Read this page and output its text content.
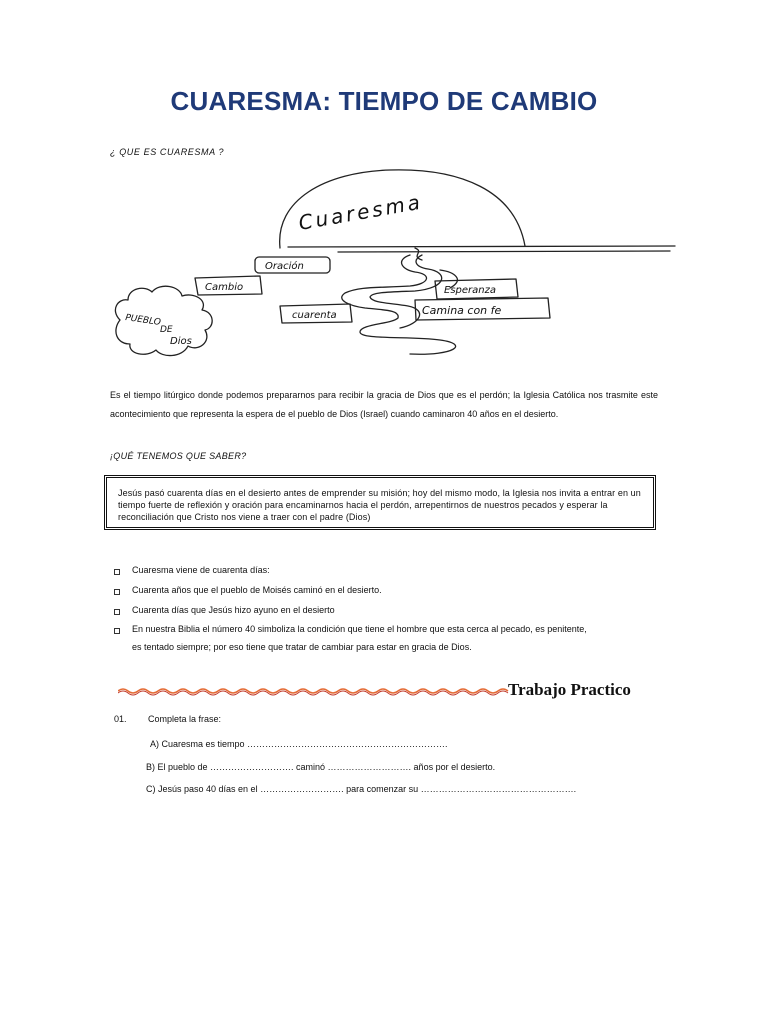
CUARESMA: TIEMPO DE CAMBIO
¿ QUE ES CUARESMA ?
Cuaresma
Oración
Cambio
cuarenta
Esperanza
Camina con fe
PUEBLO
DE
Dios
Es el tiempo litúrgico donde podemos prepararnos para recibir la gracia de Dios que es el perdón; la Iglesia Católica nos trasmite este acontecimiento que representa la espera de el pueblo de Dios (Israel) cuando caminaron 40 años en el desierto.
¡QUÉ TENEMOS QUE SABER?
Jesús pasó cuarenta días en el desierto antes de emprender su misión; hoy del mismo modo, la Iglesia nos invita a entrar en un tiempo fuerte de reflexión y oración para encaminarnos hacia el perdón, arrepentirnos de nuestros pecados y esperar la reconciliación que Cristo nos viene a traer con el padre (Dios)
Cuaresma viene de cuarenta días:
Cuarenta años que el pueblo de Moisés caminó en el desierto.
Cuarenta días que Jesús hizo ayuno en el desierto
En nuestra Biblia el número 40 simboliza la condición que tiene el hombre que esta cerca al pecado, es penitente,
es tentado siempre; por eso tiene que tratar de cambiar para estar en gracia de Dios.
Trabajo Practico
01. Completa la frase:
A) Cuaresma es tiempo ………………………………………………………….
B) El pueblo de ………………………. caminó ………………………. años por el desierto.
C) Jesús paso 40 días en el ………………………. para comenzar su …………………………………………….
